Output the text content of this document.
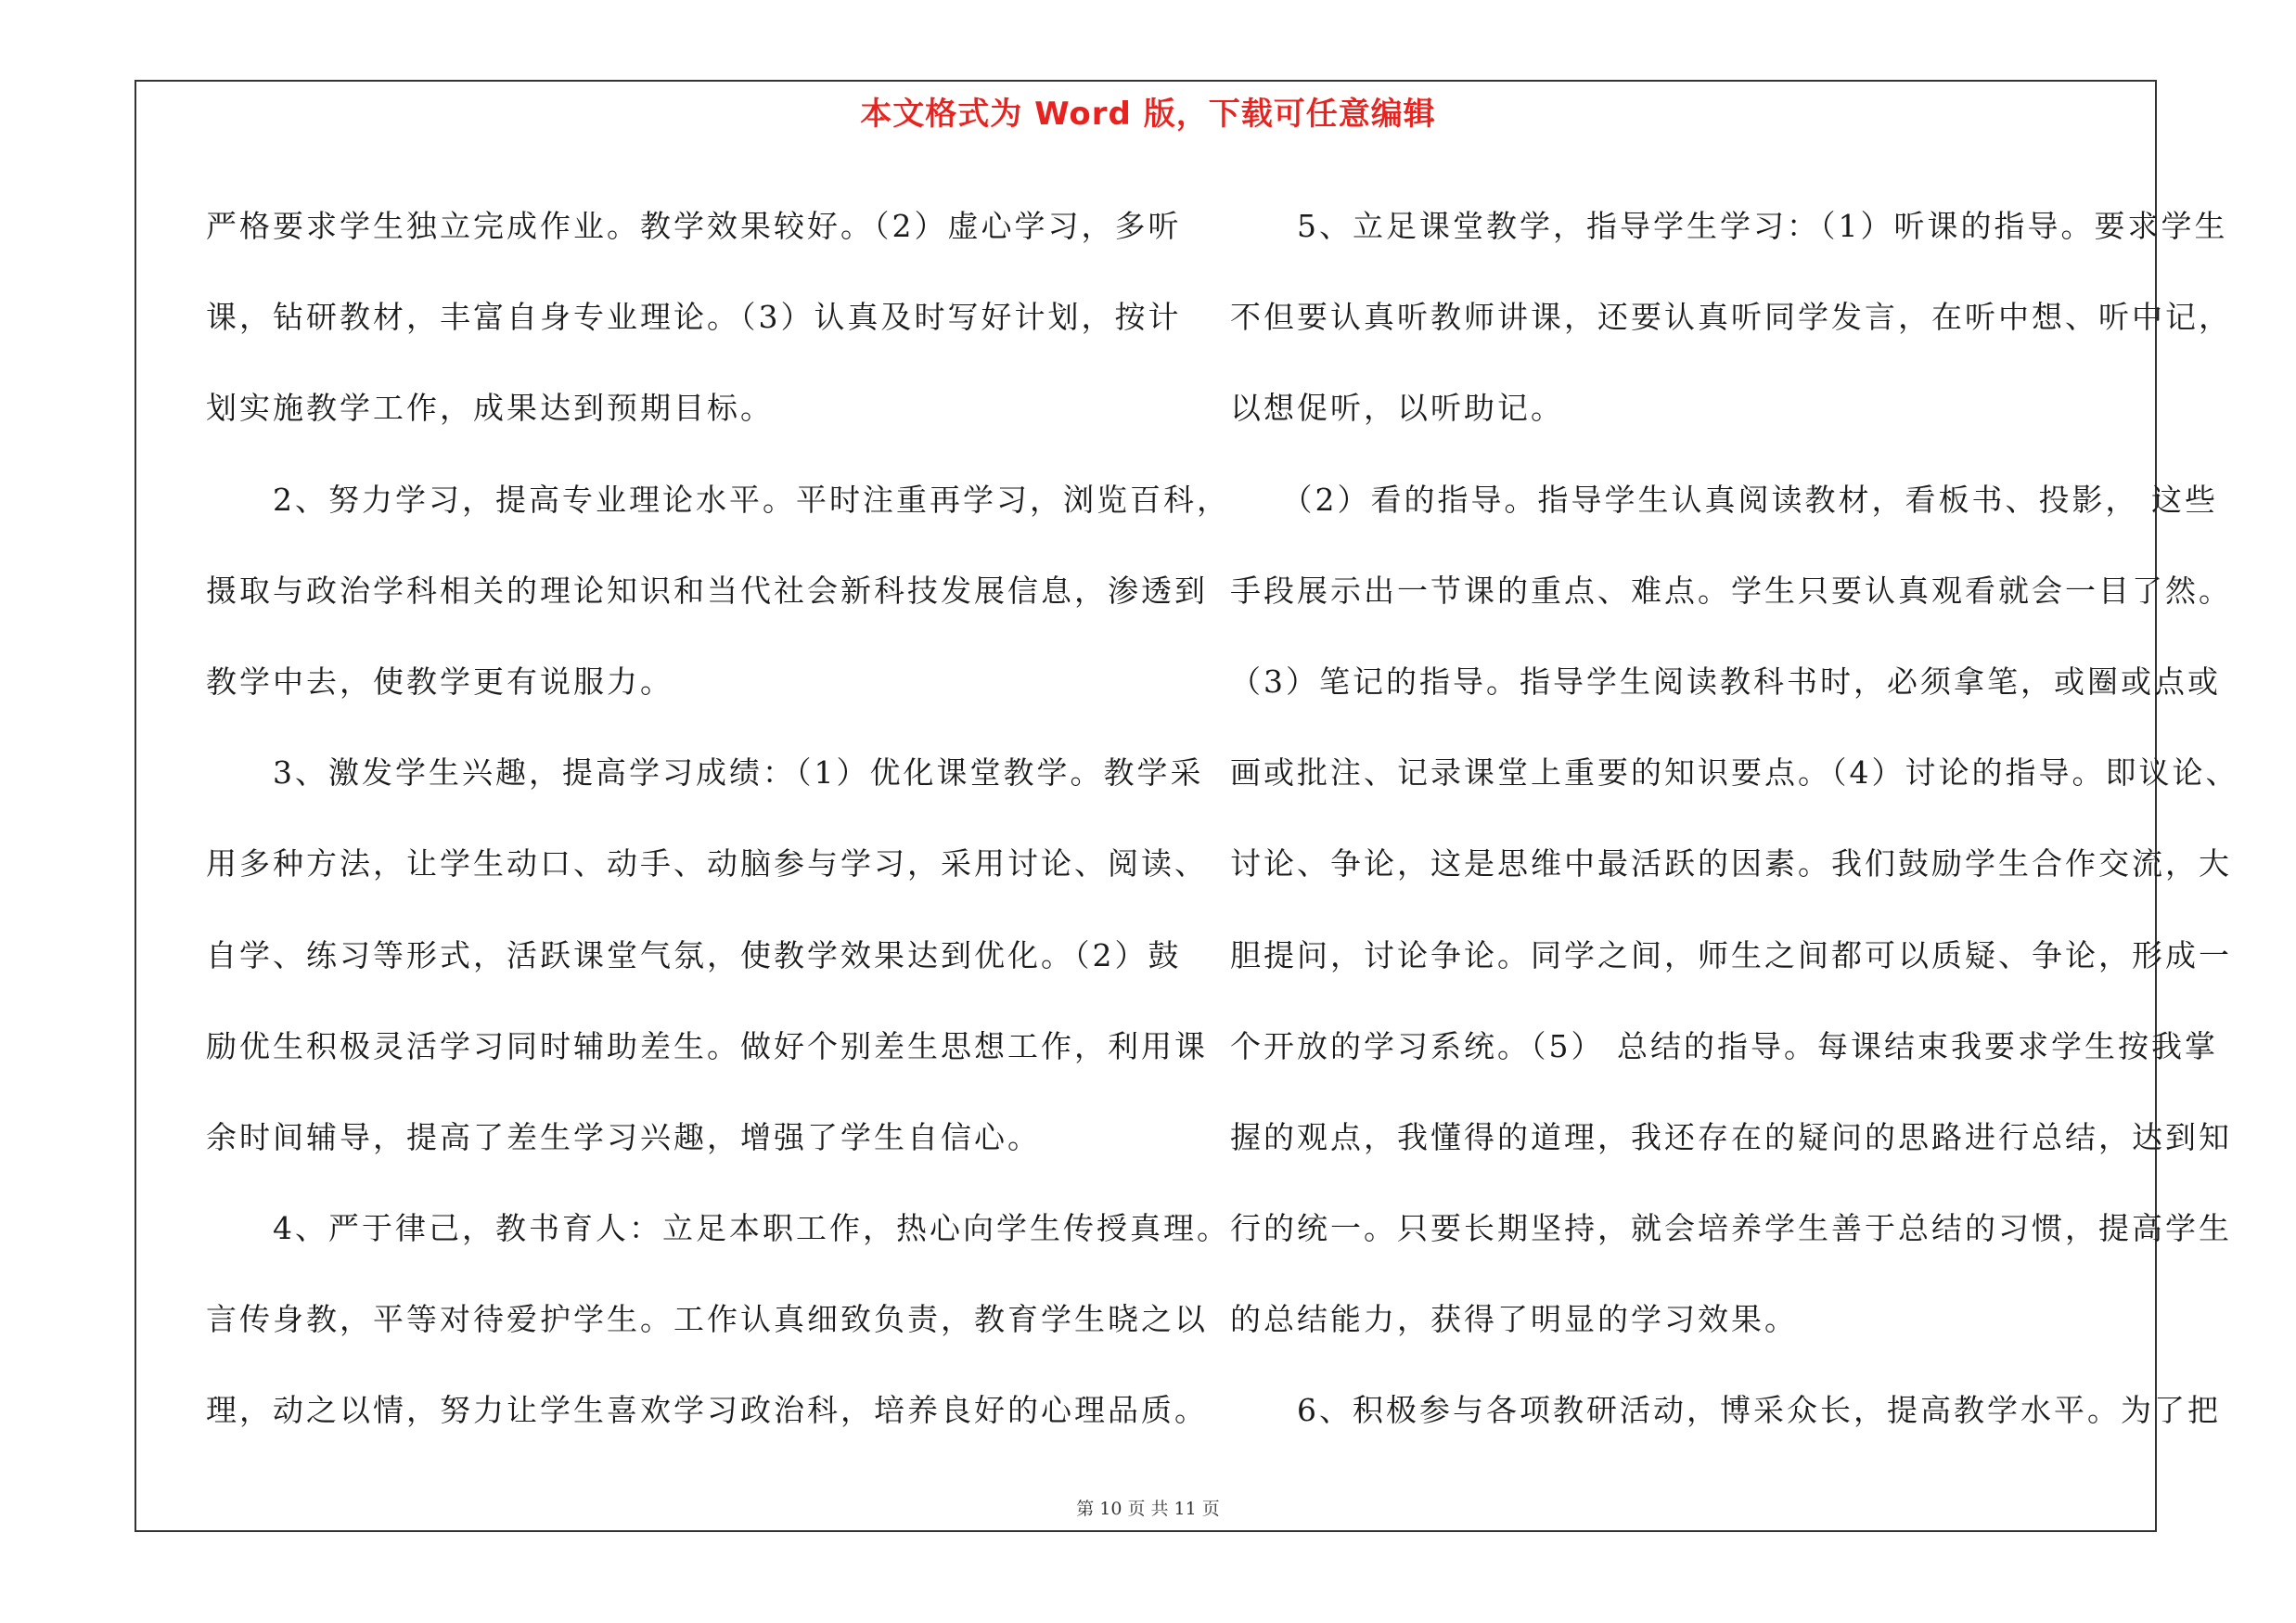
本文格式为 Word 版，下载可任意编辑
严格要求学生独立完成作业。教学效果较好。（2）虚心学习，多听
课，钻研教材，丰富自身专业理论。（3）认真及时写好计划，按计
划实施教学工作，成果达到预期目标。
　　2、努力学习，提高专业理论水平。平时注重再学习，浏览百科，
摄取与政治学科相关的理论知识和当代社会新科技发展信息，渗透到
教学中去，使教学更有说服力。
　　3、激发学生兴趣，提高学习成绩：（1）优化课堂教学。教学采
用多种方法，让学生动口、动手、动脑参与学习，采用讨论、阅读、
自学、练习等形式，活跃课堂气氛，使教学效果达到优化。（2）鼓
励优生积极灵活学习同时辅助差生。做好个别差生思想工作，利用课
余时间辅导，提高了差生学习兴趣，增强了学生自信心。
　　4、严于律己，教书育人：立足本职工作，热心向学生传授真理。
言传身教，平等对待爱护学生。工作认真细致负责，教育学生晓之以
理，动之以情，努力让学生喜欢学习政治科，培养良好的心理品质。
　　5、立足课堂教学，指导学生学习：（1）听课的指导。要求学生
不但要认真听教师讲课，还要认真听同学发言，在听中想、听中记，
以想促听，以听助记。
　　（2）看的指导。指导学生认真阅读教材，看板书、投影， 这些
手段展示出一节课的重点、难点。学生只要认真观看就会一目了然。
（3）笔记的指导。指导学生阅读教科书时，必须拿笔，或圈或点或
画或批注、记录课堂上重要的知识要点。（4）讨论的指导。即议论、
讨论、争论，这是思维中最活跃的因素。我们鼓励学生合作交流，大
胆提问，讨论争论。同学之间，师生之间都可以质疑、争论，形成一
个开放的学习系统。（5） 总结的指导。每课结束我要求学生按我掌
握的观点，我懂得的道理，我还存在的疑问的思路进行总结，达到知
行的统一。只要长期坚持，就会培养学生善于总结的习惯，提高学生
的总结能力，获得了明显的学习效果。
　　6、积极参与各项教研活动，博采众长，提高教学水平。为了把
第 10 页 共 11 页
